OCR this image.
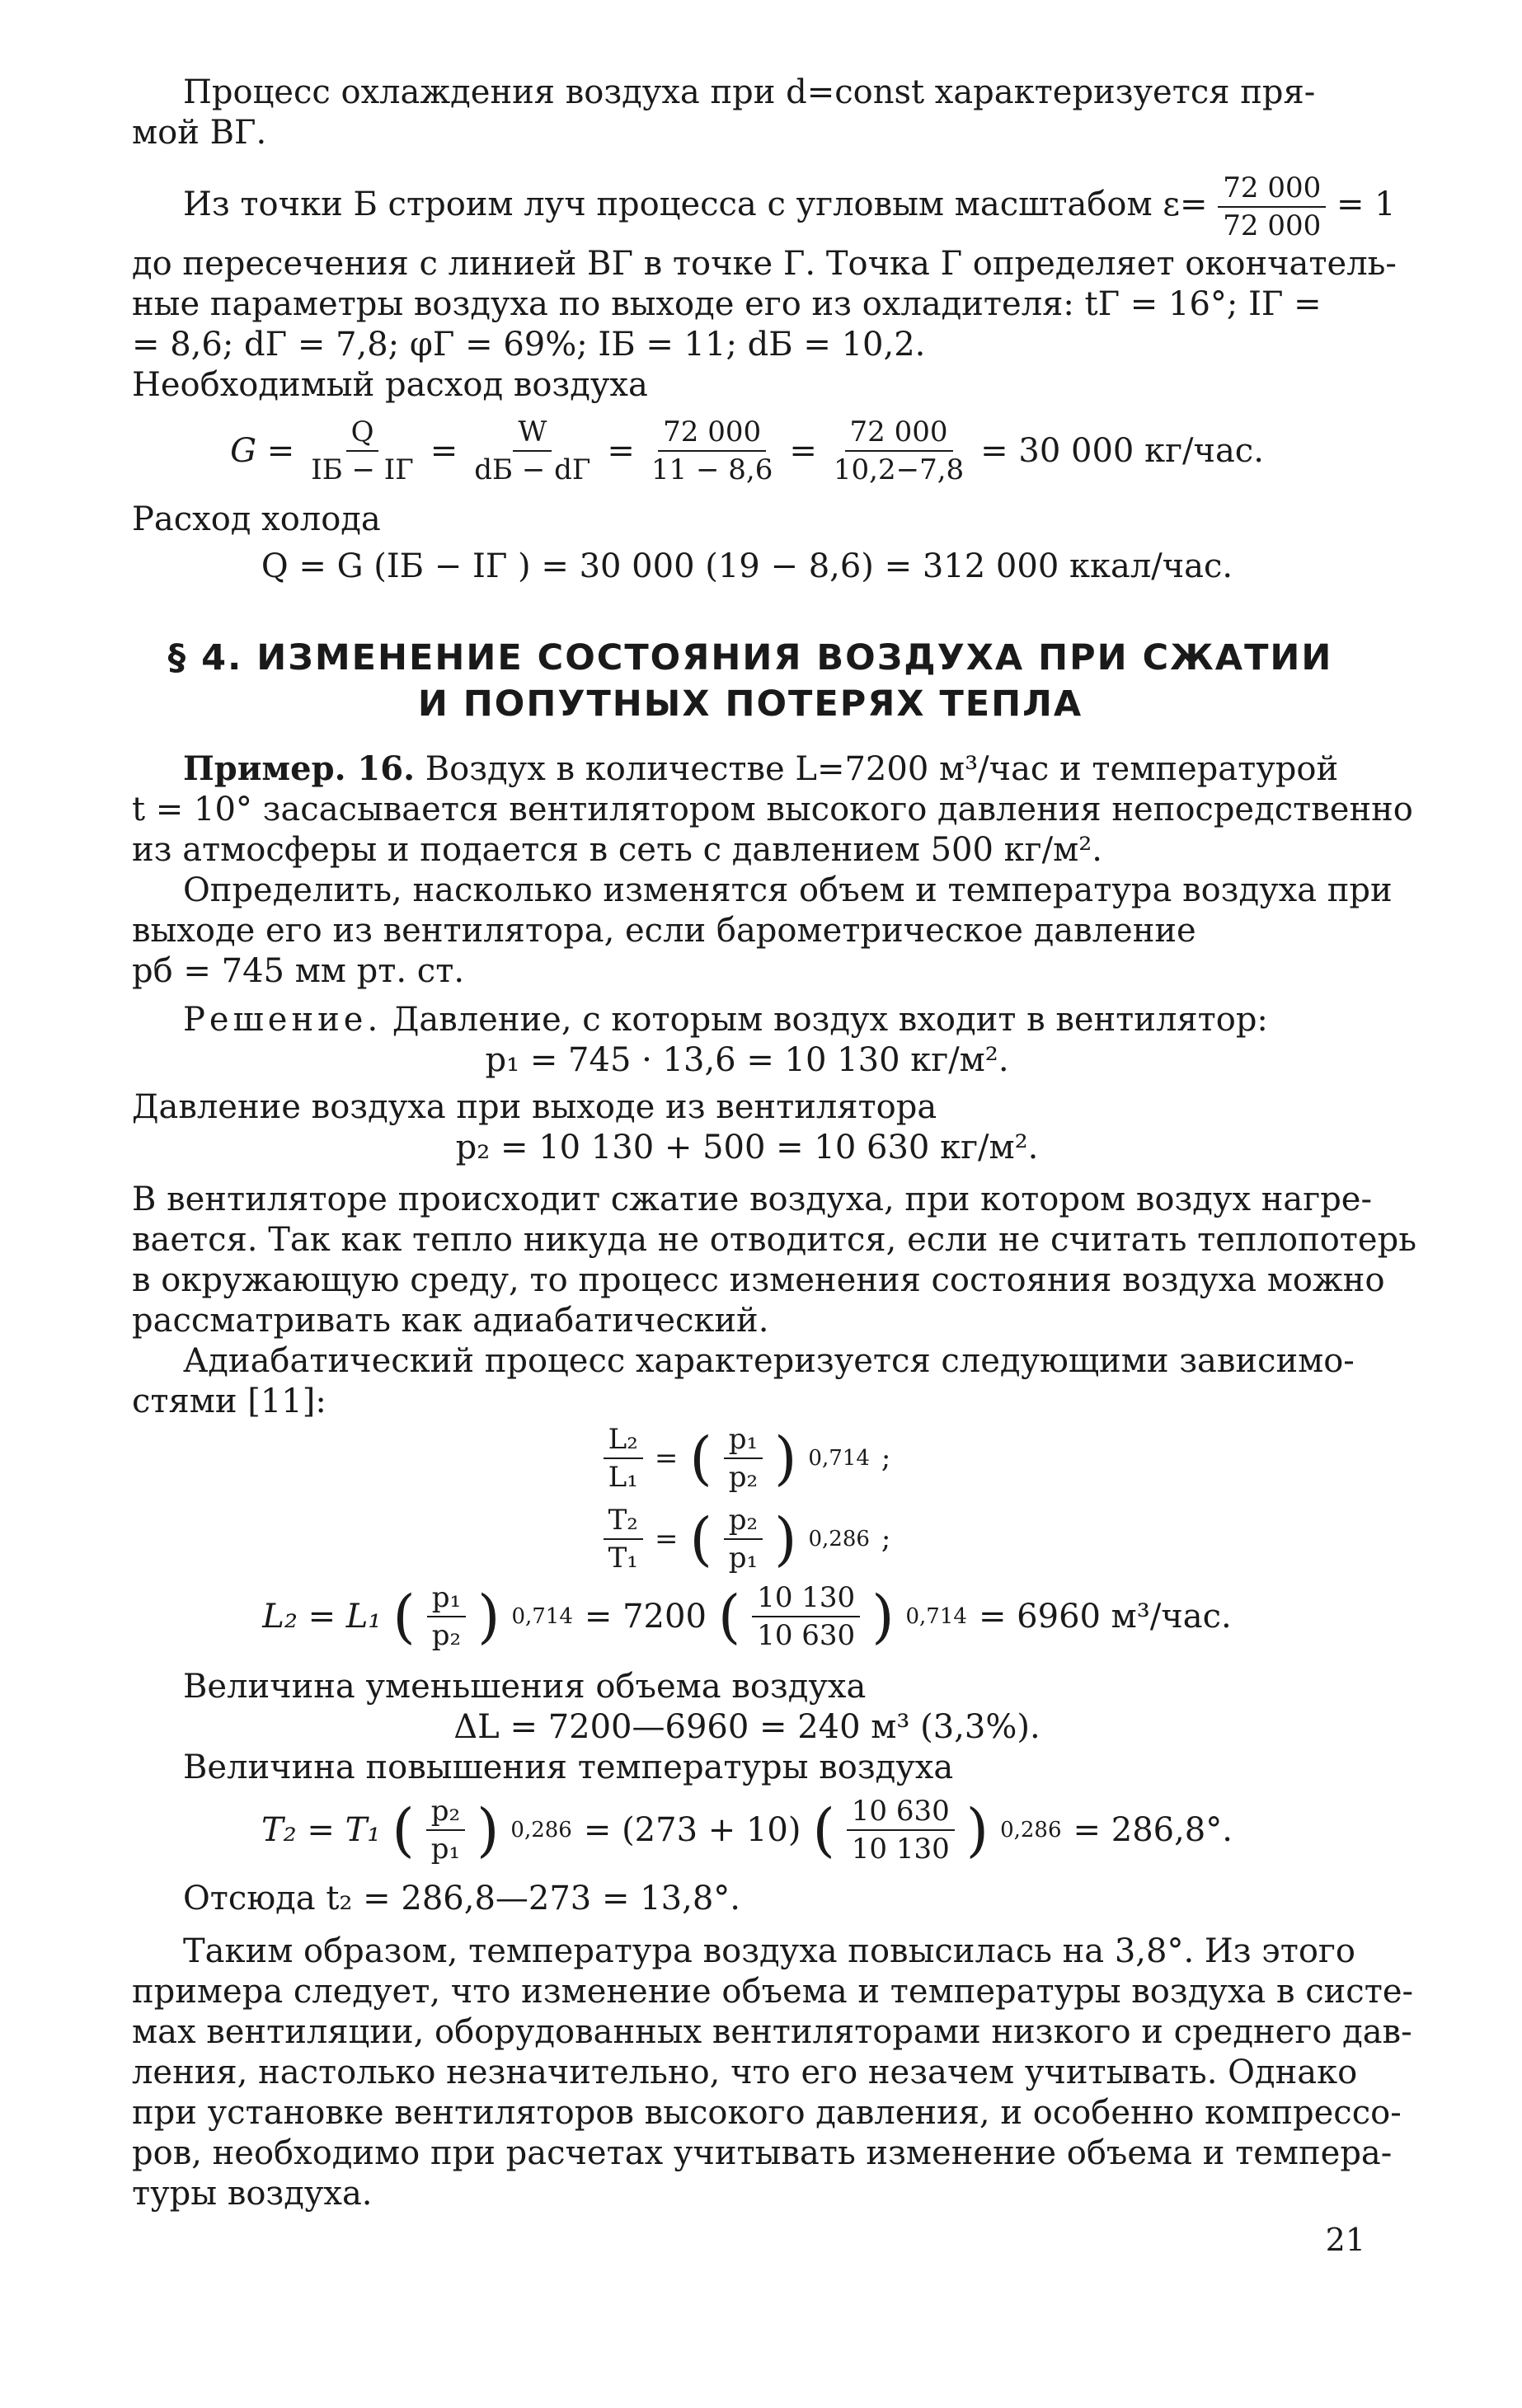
Процесс охлаждения воздуха при d=const характеризуется пря-

мой ВГ.

Из точки Б строим луч процесса с угловым масштабом $\varepsilon= \frac{72 000}{72 000} = 1$

до пересечения с линией ВГ в точке Г. Точка Г определяет окончатель-

ные параметры воздуха по выходе его из охладителя: tГ = 16°; IГ =

= 8,6; dГ = 7,8; φГ = 69%; IБ = 11; dБ = 10,2.

Необходимый расход воздуха

$G = \frac{Q}{IБ - IГ} = \frac{W}{dБ - dГ} = \frac{72 000}{11 - 8,6} = \frac{72 000}{10,2-7,8} = 30$ 000 кг/час.

Расход холода

Q = G (IБ − IГ ) = 30 000 (19 − 8,6) = 312 000 ккал/час.
§ 4. ИЗМЕНЕНИЕ СОСТОЯНИЯ ВОЗДУХА ПРИ СЖАТИИ
И ПОПУТНЫХ ПОТЕРЯХ ТЕПЛА

Пример. 16. Воздух в количестве L=7200 м³/час и температурой

t = 10° засасывается вентилятором высокого давления непосредственно

из атмосферы и подается в сеть с давлением 500 кг/м².

Определить, насколько изменятся объем и температура воздуха при

выходе его из вентилятора, если барометрическое давление

pб = 745 мм рт. ст.

Решение. Давление, с которым воздух входит в вентилятор:

p₁ = 745 · 13,6 = 10 130 кг/м².

Давление воздуха при выходе из вентилятора

p₂ = 10 130 + 500 = 10 630 кг/м².

В вентиляторе происходит сжатие воздуха, при котором воздух нагре-

вается. Так как тепло никуда не отводится, если не считать теплопотерь

в окружающую среду, то процесс изменения состояния воздуха можно

рассматривать как адиабатический.

Адиабатический процесс характеризуется следующими зависимо-

стями [11]:

$\frac{\text{L₂}}{\text{L₁}}$ = ( $\frac{\text{p₁}}{\text{p₂}}$ ) 0,714 ;
$\frac{\text{T₂}}{\text{T₁}}$ = ( $\frac{\text{p₂}}{\text{p₁}}$ ) 0,286 ;
L₂ = L₁ ( $\frac{\text{p₁}}{\text{p₂}}$ ) 0,714 = 7200 ( $\frac{10 130}{10 630}$ ) 0,714 = 6960 м³/час.

Величина уменьшения объема воздуха

ΔL = 7200—6960 = 240 м³ (3,3%).

Величина повышения температуры воздуха

T₂ = T₁ ( $\frac{\text{p₂}}{\text{p₁}}$ ) 0,286 = (273 + 10) ( $\frac{10 630}{10 130}$ ) 0,286 = 286,8°.

Отсюда t₂ = 286,8—273 = 13,8°.

Таким образом, температура воздуха повысилась на 3,8°. Из этого

примера следует, что изменение объема и температуры воздуха в систе-

мах вентиляции, оборудованных вентиляторами низкого и среднего дав-

ления, настолько незначительно, что его незачем учитывать. Однако

при установке вентиляторов высокого давления, и особенно компрессо-

ров, необходимо при расчетах учитывать изменение объема и темпера-

туры воздуха.

21
